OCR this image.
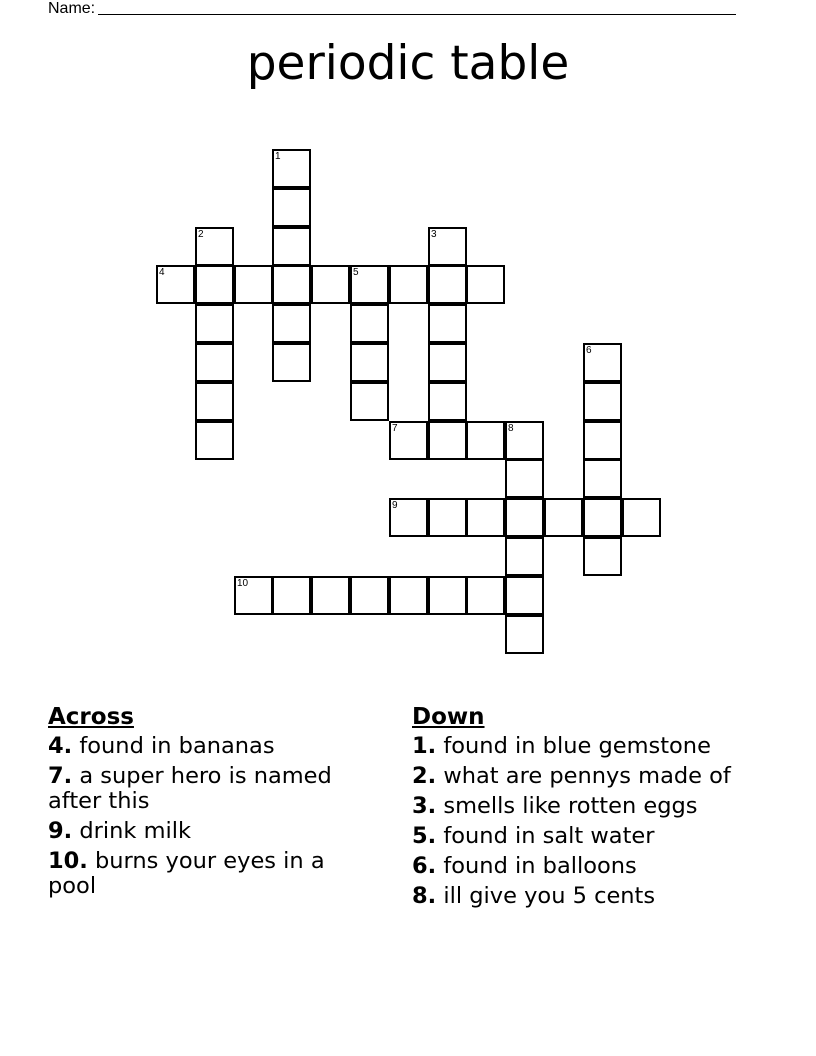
Name:
periodic table
1
2	3
4	5
6
7	8
9
10
Across
4. found in bananas
7. a super hero is named after this
9. drink milk
10. burns your eyes in a pool
Down
1. found in blue gemstone
2. what are pennys made of
3. smells like rotten eggs
5. found in salt water
6. found in balloons
8. ill give you 5 cents
